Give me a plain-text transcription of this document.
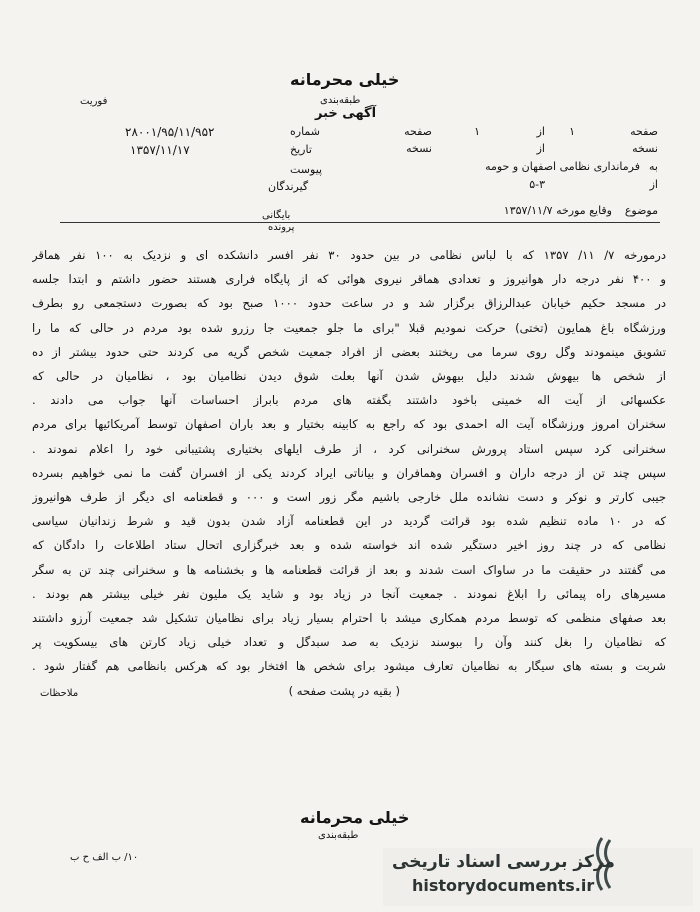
خیلی محرمانه
طبقه‌بندی
آگهی خبر
فوریت
صفحه
۱
از
۱
صفحه
نسخه
از
نسخه
به
فرمانداری نظامی اصفهان و حومه
از
۵-۳
شماره
۲۸۰۰۱/۹۵/۱۱/۹۵۲
تاریخ
۱۳۵۷/۱۱/۱۷
پیوست
گیرندگان
بایگانی
پرونده
موضوع
وقایع مورخه ۱۳۵۷/۱۱/۷
درمورخه ۷/ ۱۱/ ۱۳۵۷ که با لباس نظامی در بین حدود ۳۰ نفر افسر دانشکده ای و نزدیک به ۱۰۰ نفر هماقر
و ۴۰۰ نفر درجه دار هوانیروز و تعدادی هماقر نیروی هوائی که از پایگاه فراری هستند حضور داشتم و ابتدا جلسه
در مسجد حکیم خیابان عبدالرزاق برگزار شد و در ساعت حدود ۱۰۰۰ صبح بود که بصورت دستجمعی رو بطرف
ورزشگاه باغ همایون (تختی) حرکت نمودیم قبلا "برای ما جلو جمعیت جا رزرو شده بود مردم در حالی که ما را
تشویق مینمودند وگل روی سرما می ریختند بعضی از افراد جمعیت شخص گریه می کردند حتی حدود بیشتر از ده
از شخص ها بیهوش شدند دلیل بیهوش شدن آنها بعلت شوق دیدن نظامیان بود ، نظامیان در حالی که
عکسهائی از آیت اله خمینی باخود داشتند بگفته های مردم بابراز احساسات آنها جواب می دادند .
سخنران امروز ورزشگاه آیت اله احمدی بود که راجع به کابینه بختیار و بعد باران اصفهان توسط آمریکائیها برای مردم
سخنرانی کرد سپس استاد پرورش سخنرانی کرد ، از طرف ایلهای بختیاری پشتیبانی خود را اعلام نمودند .
سپس چند تن از درجه داران و افسران وهمافران و بیاناتی ایراد کردند یکی از افسران گفت ما نمی خواهیم بسرده
جیبی کارتر و نوکر و دست نشانده ملل خارجی باشیم مگر زور است و ۰۰۰ و قطعنامه ای دیگر از طرف هوانیروز
که در ۱۰ ماده تنظیم شده بود قرائت گردید در این قطعنامه آزاد شدن بدون قید و شرط زندانیان سیاسی
نظامی که در چند روز اخیر دستگیر شده اند خواسته شده و بعد خبرگزاری اتحال ستاد اطلاعات را دادگان که
می گفتند در حقیقت ما در ساواک است شدند و بعد از قرائت قطعنامه ها و بخشنامه ها و سخنرانی چند تن به سگر
مسیرهای راه پیمائی را ابلاغ نمودند . جمعیت آنجا در زیاد بود و شاید یک ملیون نفر خیلی بیشتر هم بودند .
بعد صفهای منظمی که توسط مردم همکاری میشد با احترام بسیار زیاد برای نظامیان تشکیل شد جمعیت آرزو داشتند
که نظامیان را بغل کنند وآن را ببوسند نزدیک به صد سبدگل و تعداد خیلی زیاد کارتن های بیسکویت پر
شربت و بسته های سیگار به نظامیان تعارف میشود برای شخص ها افتخار بود که هرکس بانظامی هم گفتار شود .
( بقیه در پشت صفحه )
ملاحظات
خیلی محرمانه
طبقه‌بندی
۱۰/ ب الف ح ب	مرکز بررسی اسناد تاریخی
historydocuments.ir
